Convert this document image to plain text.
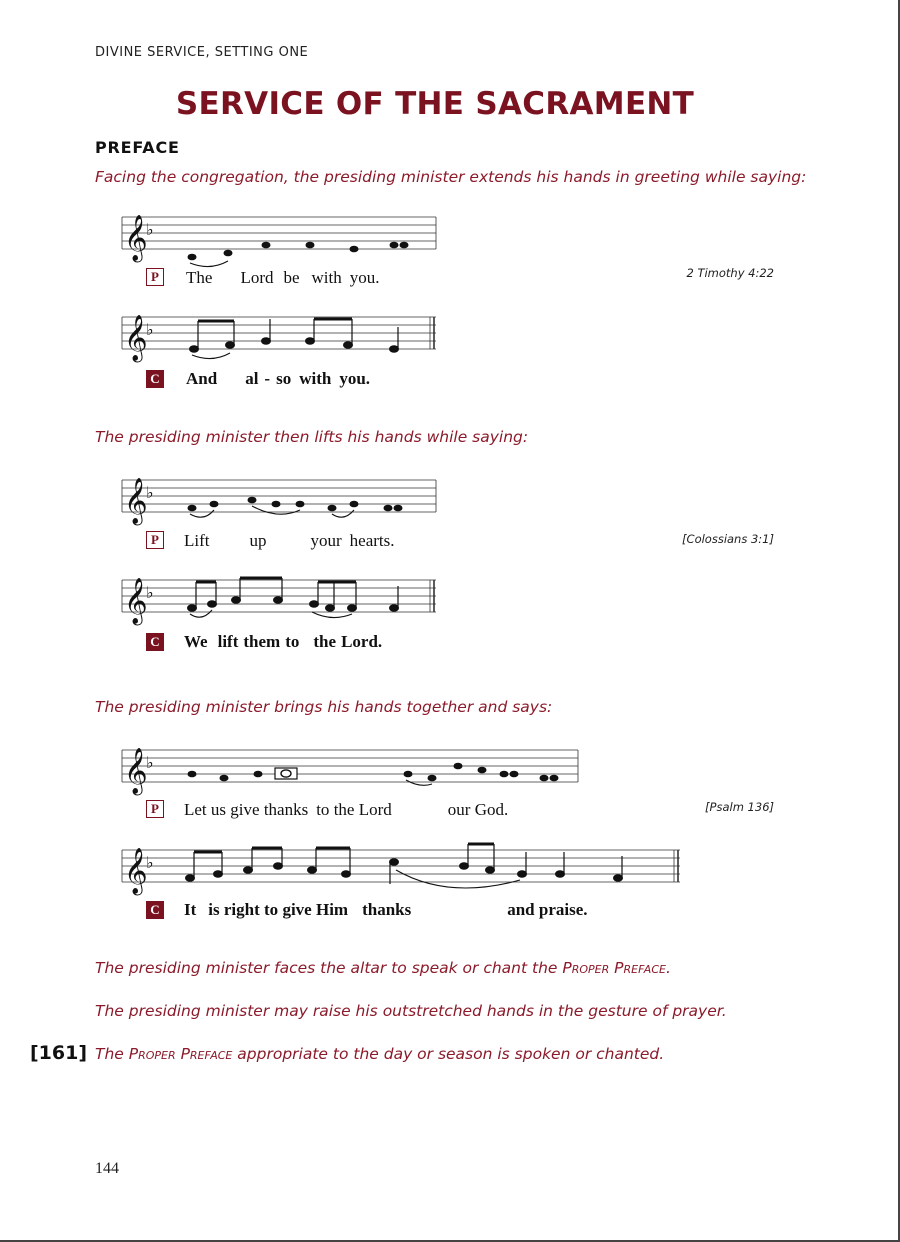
DIVINE SERVICE, SETTING ONE
SERVICE OF THE SACRAMENT
PREFACE
Facing the congregation, the presiding minister extends his hands in greeting while saying:
𝄞
♭
P The Lord be with you.	2 Timothy 4:22
𝄞
♭
C And al - so with you.
The presiding minister then lifts his hands while saying:
𝄞
♭
P Lift up	your hearts.	[Colossians 3:1]
𝄞
♭
C We lift them to the Lord.
The presiding minister brings his hands together and says:
𝄞
♭
P Let us give thanks to the Lord	our God.	[Psalm 136]
𝄞
♭
C It is right to give Him thanks	and praise.
The presiding minister faces the altar to speak or chant the Proper Preface.
The presiding minister may raise his outstretched hands in the gesture of prayer.
[161] The Proper Preface appropriate to the day or season is spoken or chanted.
144
